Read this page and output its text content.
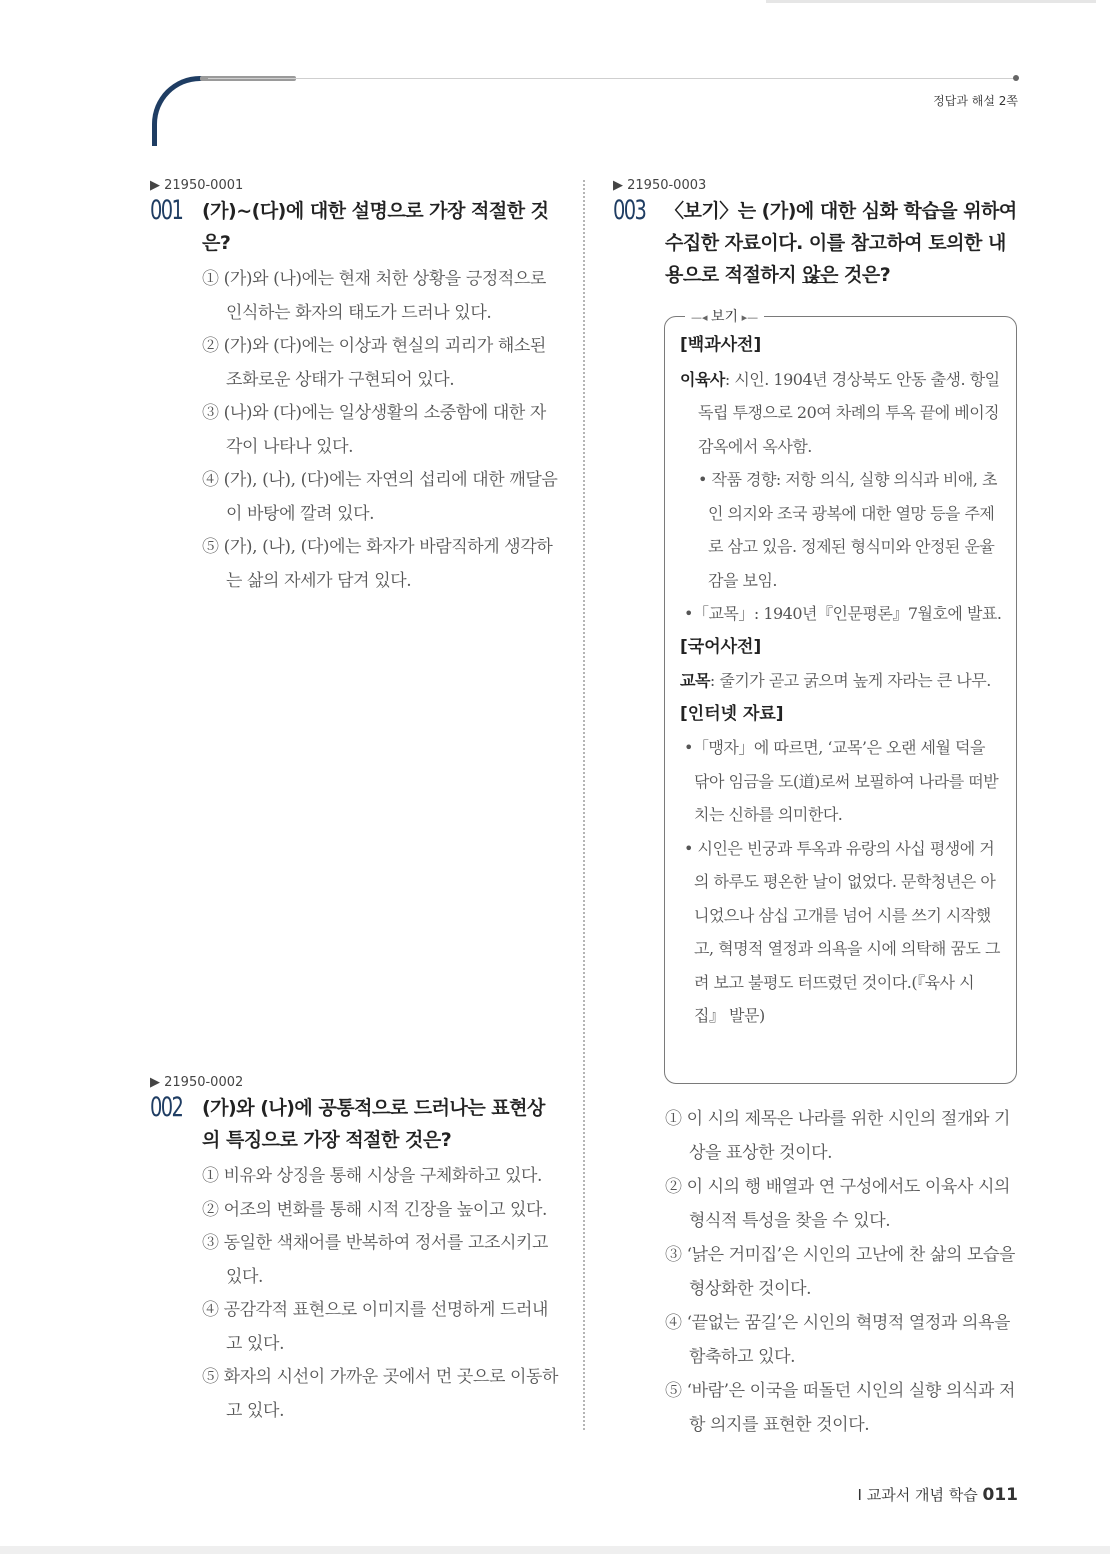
정답과 해설 2쪽
▶ 21950-0001
001 (가)~(다)에 대한 설명으로 가장 적절한 것은?
① (가)와 (나)에는 현재 처한 상황을 긍정적으로 인식하는 화자의 태도가 드러나 있다.
② (가)와 (다)에는 이상과 현실의 괴리가 해소된 조화로운 상태가 구현되어 있다.
③ (나)와 (다)에는 일상생활의 소중함에 대한 자각이 나타나 있다.
④ (가), (나), (다)에는 자연의 섭리에 대한 깨달음이 바탕에 깔려 있다.
⑤ (가), (나), (다)에는 화자가 바람직하게 생각하는 삶의 자세가 담겨 있다.
▶ 21950-0002
002 (가)와 (나)에 공통적으로 드러나는 표현상의 특징으로 가장 적절한 것은?
① 비유와 상징을 통해 시상을 구체화하고 있다.
② 어조의 변화를 통해 시적 긴장을 높이고 있다.
③ 동일한 색채어를 반복하여 정서를 고조시키고 있다.
④ 공감각적 표현으로 이미지를 선명하게 드러내고 있다.
⑤ 화자의 시선이 가까운 곳에서 먼 곳으로 이동하고 있다.
▶ 21950-0003
003 〈보기〉는 (가)에 대한 심화 학습을 위하여 수집한 자료이다. 이를 참고하여 토의한 내용으로 적절하지 않은 것은?
—◂ 보기 ▸—
[백과사전]

이육사: 시인. 1904년 경상북도 안동 출생. 항일 독립 투쟁으로 20여 차례의 투옥 끝에 베이징 감옥에서 옥사함.

• 작품 경향: 저항 의식, 실향 의식과 비애, 초인 의지와 조국 광복에 대한 열망 등을 주제로 삼고 있음. 정제된 형식미와 안정된 운율감을 보임.

•「교목」: 1940년『인문평론』7월호에 발표.

[국어사전]

교목: 줄기가 곧고 굵으며 높게 자라는 큰 나무.

[인터넷 자료]

•「맹자」에 따르면, ‘교목’은 오랜 세월 덕을 닦아 임금을 도(道)로써 보필하여 나라를 떠받치는 신하를 의미한다.

• 시인은 빈궁과 투옥과 유랑의 사십 평생에 거의 하루도 평온한 날이 없었다. 문학청년은 아니었으나 삼십 고개를 넘어 시를 쓰기 시작했고, 혁명적 열정과 의욕을 시에 의탁해 꿈도 그려 보고 불평도 터뜨렸던 것이다.(『육사 시집』 발문)

① 이 시의 제목은 나라를 위한 시인의 절개와 기상을 표상한 것이다.
② 이 시의 행 배열과 연 구성에서도 이육사 시의 형식적 특성을 찾을 수 있다.
③ ‘낡은 거미집’은 시인의 고난에 찬 삶의 모습을 형상화한 것이다.
④ ‘끝없는 꿈길’은 시인의 혁명적 열정과 의욕을 함축하고 있다.
⑤ ‘바람’은 이국을 떠돌던 시인의 실향 의식과 저항 의지를 표현한 것이다.
I 교과서 개념 학습 011
